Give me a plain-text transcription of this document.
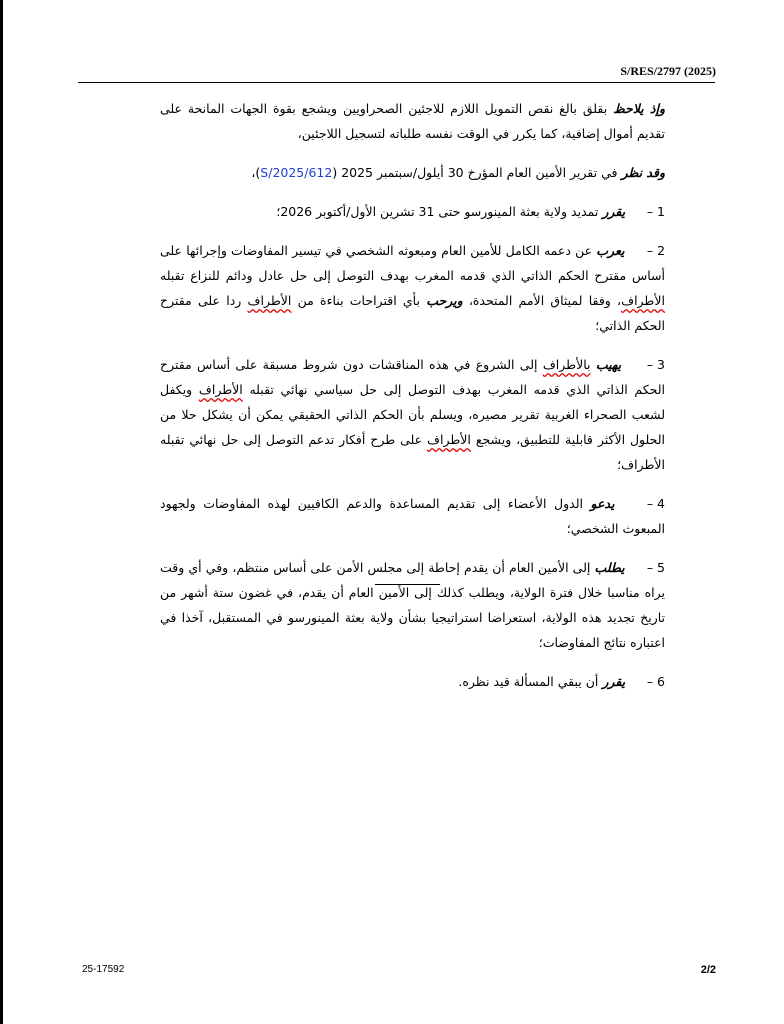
S/RES/2797 (2025)

وإذ يلاحظ بقلق بالغ نقص التمويل اللازم للاجئين الصحراويين ويشجع بقوة الجهات المانحة على تقديم أموال إضافية، كما يكرر في الوقت نفسه طلباته لتسجيل اللاجئين،

وقد نظر في تقرير الأمين العام المؤرخ 30 أيلول/سبتمبر 2025 (S/2025/612)،

1 –   يقرر تمديد ولاية بعثة المينورسو حتى 31 تشرين الأول/أكتوبر 2026؛

2 –   يعرب عن دعمه الكامل للأمين العام ومبعوثه الشخصي في تيسير المفاوضات وإجرائها على أساس مقترح الحكم الذاتي الذي قدمه المغرب بهدف التوصل إلى حل عادل ودائم للنزاع تقبله الأطراف، وفقا لميثاق الأمم المتحدة، ويرحب بأي اقتراحات بناءة من الأطراف ردا على مقترح الحكم الذاتي؛

3 –   يهيب بالأطراف إلى الشروع في هذه المناقشات دون شروط مسبقة على أساس مقترح الحكم الذاتي الذي قدمه المغرب بهدف التوصل إلى حل سياسي نهائي تقبله الأطراف ويكفل لشعب الصحراء الغربية تقرير مصيره، ويسلم بأن الحكم الذاتي الحقيقي يمكن أن يشكل حلا من الحلول الأكثر قابلية للتطبيق، ويشجع الأطراف على طرح أفكار تدعم التوصل إلى حل نهائي تقبله الأطراف؛

4 –   يدعو الدول الأعضاء إلى تقديم المساعدة والدعم الكافيين لهذه المفاوضات ولجهود المبعوث الشخصي؛

5 –   يطلب إلى الأمين العام أن يقدم إحاطة إلى مجلس الأمن على أساس منتظم، وفي أي وقت يراه مناسبا خلال فترة الولاية، ويطلب كذلك إلى الأمين العام أن يقدم، في غضون ستة أشهر من تاريخ تجديد هذه الولاية، استعراضا استراتيجيا بشأن ولاية بعثة المينورسو في المستقبل، آخذا في اعتباره نتائج المفاوضات؛

6 –   يقرر أن يبقي المسألة قيد نظره.

25-17592	2/2
